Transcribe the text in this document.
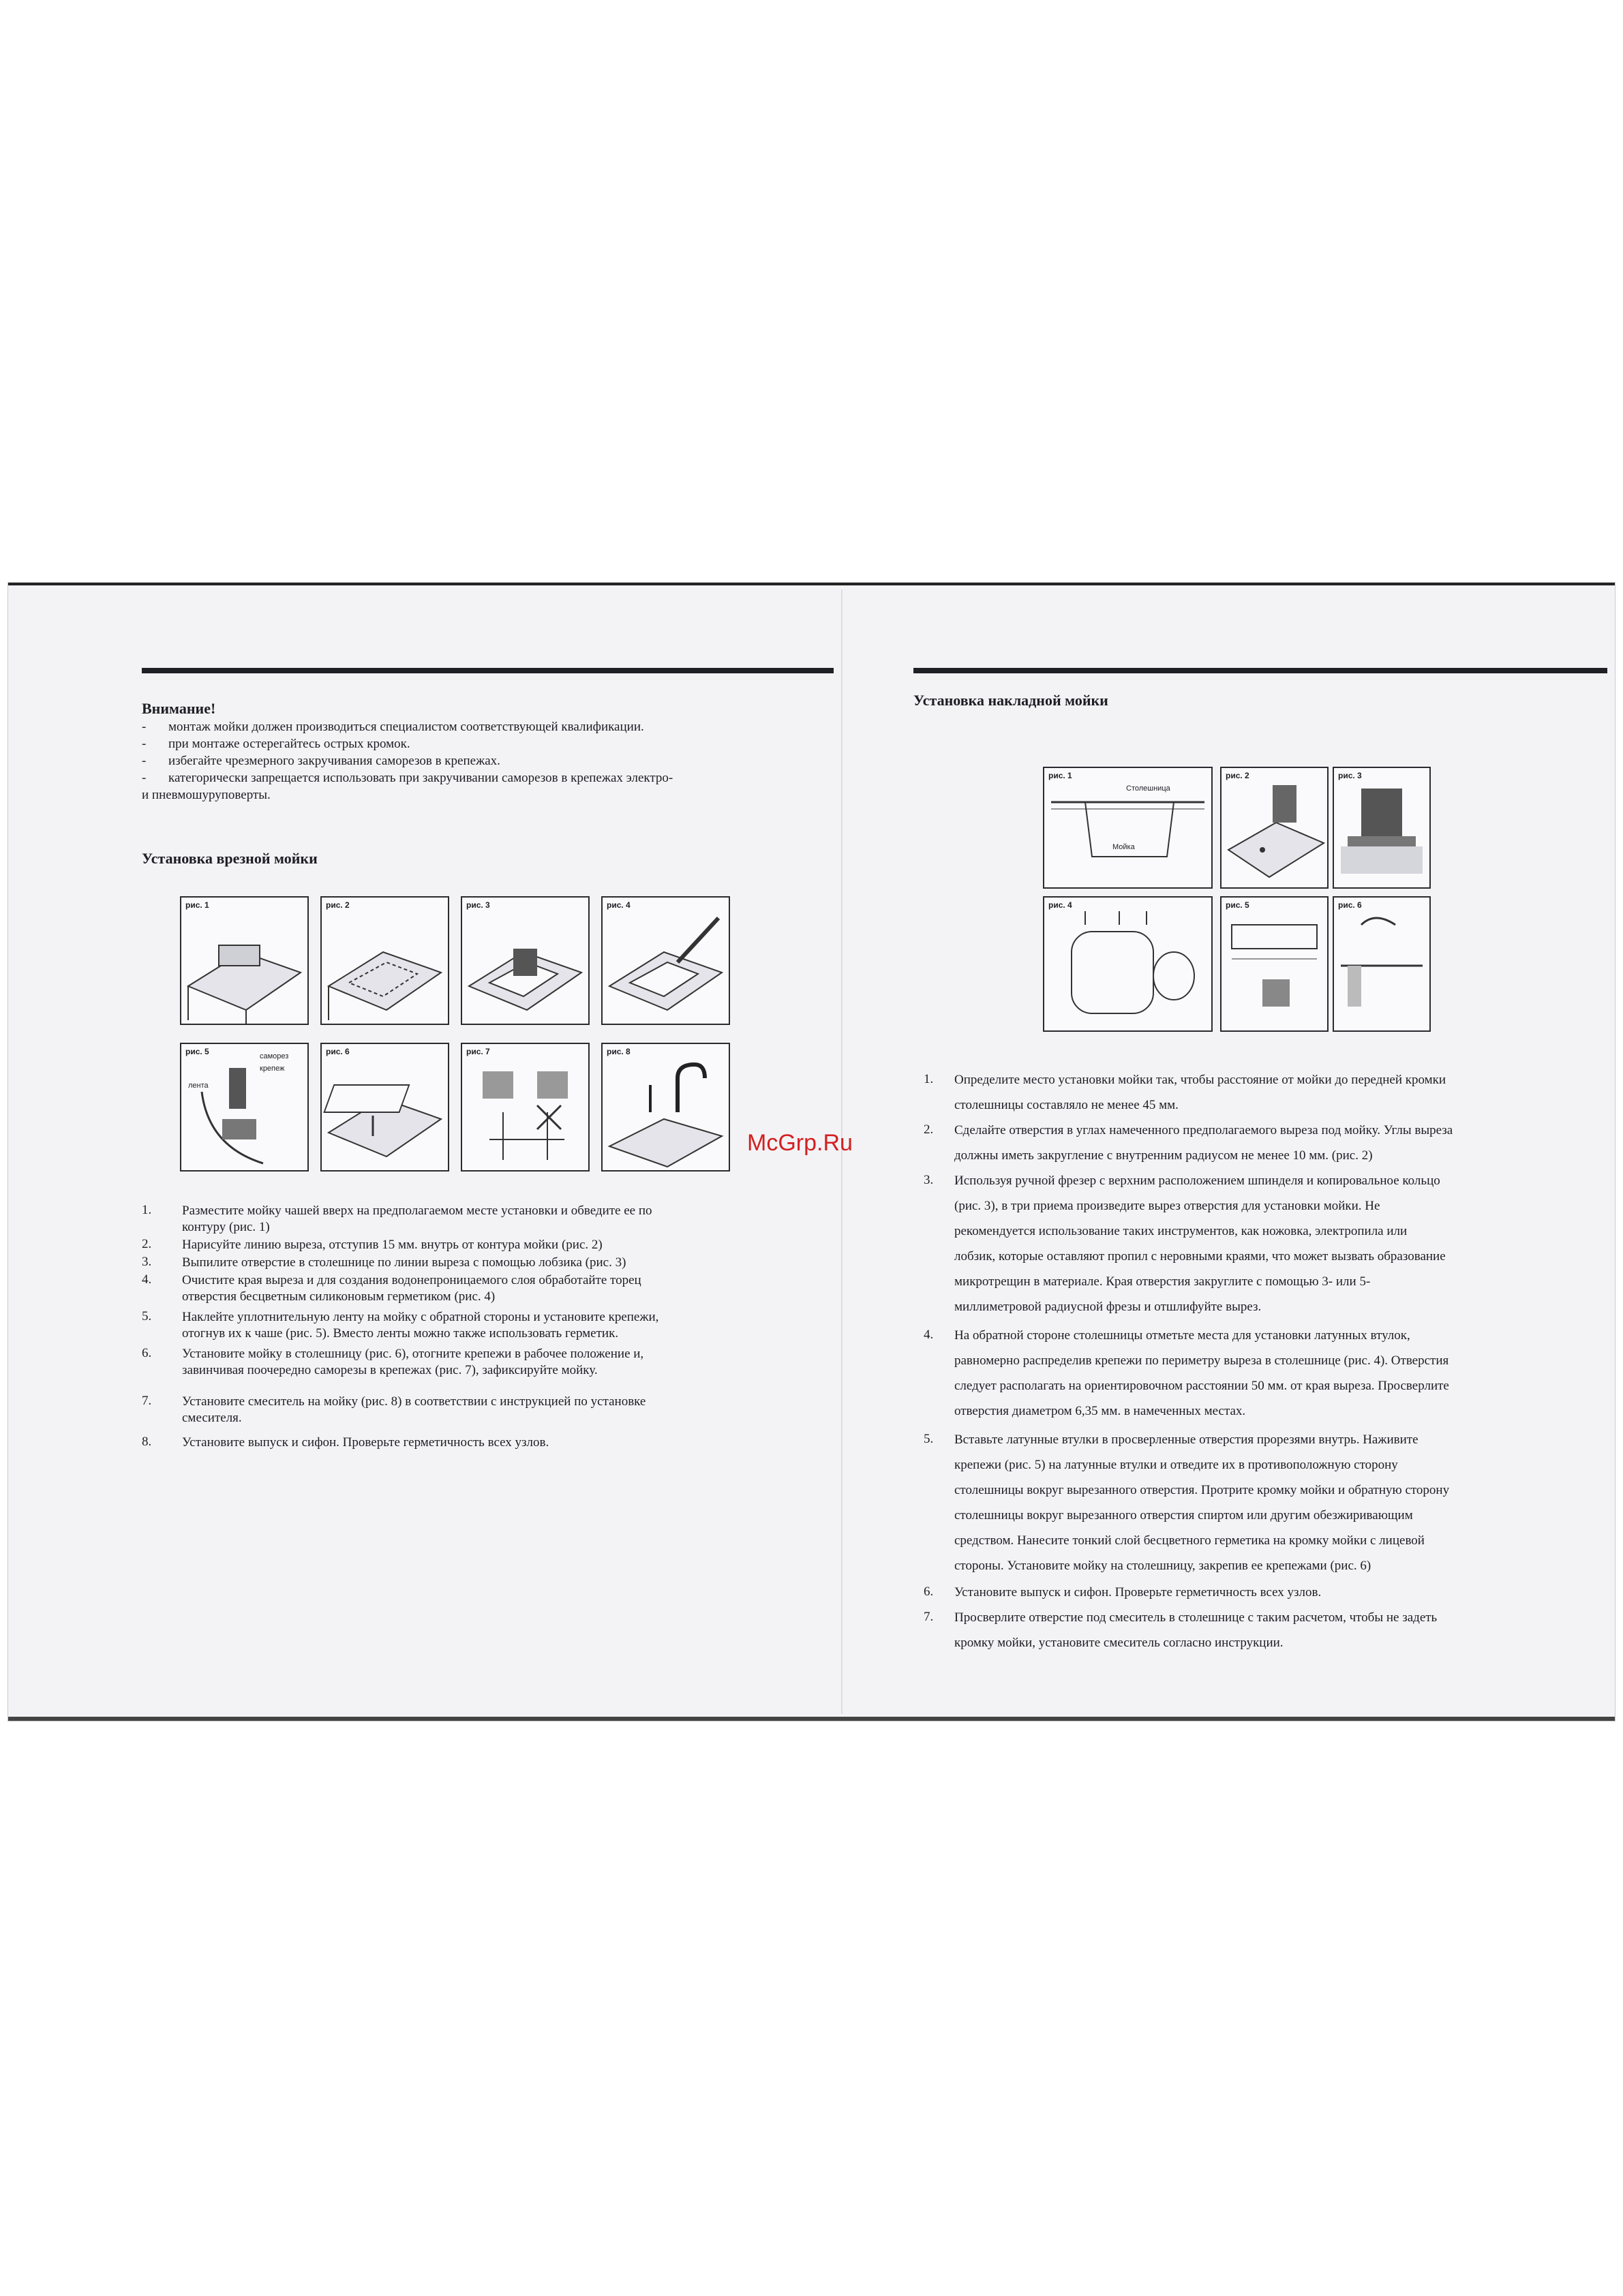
Внимание!
- монтаж мойки должен производиться специалистом соответствующей квалификации.
- при монтаже остерегайтесь острых кромок.
- избегайте чрезмерного закручивания саморезов в крепежах.
- категорически запрещается использовать при закручивании саморезов в крепежах электро-
и пневмошуруповерты.
Установка врезной мойки
рис. 1	рис. 2	рис. 3	рис. 4
рис. 5	саморез
крепеж
лента
рис. 6	рис. 7	рис. 8
1. Разместите мойку чашей вверх на предполагаемом месте установки и обведите ее по
контуру (рис. 1)
2. Нарисуйте линию выреза, отступив 15 мм. внутрь от контура мойки (рис. 2)
3. Выпилите отверстие в столешнице по линии выреза с помощью лобзика (рис. 3)
4. Очистите края выреза и для создания водонепроницаемого слоя обработайте торец
отверстия бесцветным силиконовым герметиком (рис. 4)
5. Наклейте уплотнительную ленту на мойку с обратной стороны и установите крепежи,
отогнув их к чаше (рис. 5). Вместо ленты можно также использовать герметик.
6. Установите мойку в столешницу (рис. 6), отогните крепежи в рабочее положение и,
завинчивая поочередно саморезы в крепежах (рис. 7), зафиксируйте мойку.
7. Установите смеситель на мойку (рис. 8) в соответствии с инструкцией по установке
смесителя.
8. Установите выпуск и сифон. Проверьте герметичность всех узлов.
Установка накладной мойки
рис. 1
Столешница
Мойка
рис. 2	рис. 3
рис. 4	рис. 5	рис. 6
1. Определите место установки мойки так, чтобы расстояние от мойки до передней кромки
столешницы составляло не менее 45 мм.
2. Сделайте отверстия в углах намеченного предполагаемого выреза под мойку. Углы выреза
должны иметь закругление с внутренним радиусом не менее 10 мм. (рис. 2)
3. Используя ручной фрезер с верхним расположением шпинделя и копировальное кольцо
(рис. 3), в три приема произведите вырез отверстия для установки мойки. Не
рекомендуется использование таких инструментов, как ножовка, электропила или
лобзик, которые оставляют пропил с неровными краями, что может вызвать образование
микротрещин в материале. Края отверстия закруглите с помощью 3- или 5-
миллиметровой радиусной фрезы и отшлифуйте вырез.
4. На обратной стороне столешницы отметьте места для установки латунных втулок,
равномерно распределив крепежи по периметру выреза в столешнице (рис. 4). Отверстия
следует располагать на ориентировочном расстоянии 50 мм. от края выреза. Просверлите
отверстия диаметром 6,35 мм. в намеченных местах.
5. Вставьте латунные втулки в просверленные отверстия прорезями внутрь. Наживите
крепежи (рис. 5) на латунные втулки и отведите их в противоположную сторону
столешницы вокруг вырезанного отверстия. Протрите кромку мойки и обратную сторону
столешницы вокруг вырезанного отверстия спиртом или другим обезжиривающим
средством. Нанесите тонкий слой бесцветного герметика на кромку мойки с лицевой
стороны. Установите мойку на столешницу, закрепив ее крепежами (рис. 6)
6. Установите выпуск и сифон. Проверьте герметичность всех узлов.
7. Просверлите отверстие под смеситель в столешнице с таким расчетом, чтобы не задеть
кромку мойки, установите смеситель согласно инструкции.
McGrp.Ru
